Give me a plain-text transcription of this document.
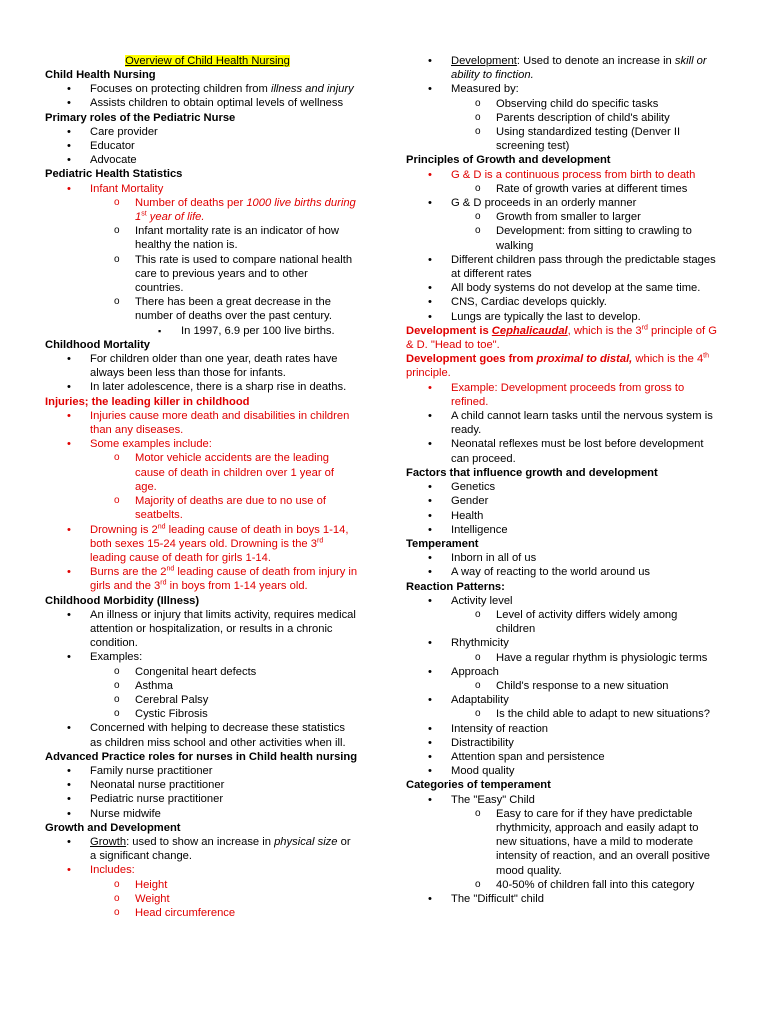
Overview of Child Health Nursing
Child Health Nursing
• Focuses on protecting children from illness and injury
• Assists children to obtain optimal levels of wellness
Primary roles of the Pediatric Nurse
• Care provider
• Educator
• Advocate
Pediatric Health Statistics
• Infant Mortality
o Number of deaths per 1000 live births during
1st year of life.
o Infant mortality rate is an indicator of how
healthy the nation is.
o This rate is used to compare national health
care to previous years and to other
countries.
o There has been a great decrease in the
number of deaths over the past century.
▪ In 1997, 6.9 per 100 live births.
Childhood Mortality
• For children older than one year, death rates have
always been less than those for infants.
• In later adolescence, there is a sharp rise in deaths.
Injuries; the leading killer in childhood
• Injuries cause more death and disabilities in children
than any diseases.
• Some examples include:
o Motor vehicle accidents are the leading
cause of death in children over 1 year of
age.
o Majority of deaths are due to no use of
seatbelts.
• Drowning is 2nd leading cause of death in boys 1-14,
both sexes 15-24 years old. Drowning is the 3rd
leading cause of death for girls 1-14.
• Burns are the 2nd leading cause of death from injury in
girls and the 3rd in boys from 1-14 years old.
Childhood Morbidity (Illness)
• An illness or injury that limits activity, requires medical
attention or hospitalization, or results in a chronic
condition.
• Examples:
o Congenital heart defects
o Asthma
o Cerebral Palsy
o Cystic Fibrosis
• Concerned with helping to decrease these statistics
as children miss school and other activities when ill.
Advanced Practice roles for nurses in Child health nursing
• Family nurse practitioner
• Neonatal nurse practitioner
• Pediatric nurse practitioner
• Nurse midwife
Growth and Development
• Growth: used to show an increase in physical size or
a significant change.
• Includes:
o Height
o Weight
o Head circumference
• Development: Used to denote an increase in skill or
ability to finction.
• Measured by:
o Observing child do specific tasks
o Parents description of child's ability
o Using standardized testing (Denver II
screening test)
Principles of Growth and development
• G & D is a continuous process from birth to death
o Rate of growth varies at different times
• G & D proceeds in an orderly manner
o Growth from smaller to larger
o Development: from sitting to crawling to
walking
• Different children pass through the predictable stages
at different rates
• All body systems do not develop at the same time.
• CNS, Cardiac develops quickly.
• Lungs are typically the last to develop.
Development is Cephalicaudal, which is the 3rd principle of G
& D. "Head to toe".
Development goes from proximal to distal, which is the 4th
principle.
• Example: Development proceeds from gross to
refined.
• A child cannot learn tasks until the nervous system is
ready.
• Neonatal reflexes must be lost before development
can proceed.
Factors that influence growth and development
• Genetics
• Gender
• Health
• Intelligence
Temperament
• Inborn in all of us
• A way of reacting to the world around us
Reaction Patterns:
• Activity level
o Level of activity differs widely among
children
• Rhythmicity
o Have a regular rhythm is physiologic terms
• Approach
o Child's response to a new situation
• Adaptability
o Is the child able to adapt to new situations?
• Intensity of reaction
• Distractibility
• Attention span and persistence
• Mood quality
Categories of temperament
• The "Easy" Child
o Easy to care for if they have predictable
rhythmicity, approach and easily adapt to
new situations, have a mild to moderate
intensity of reaction, and an overall positive
mood quality.
o 40-50% of children fall into this category
• The "Difficult" child
